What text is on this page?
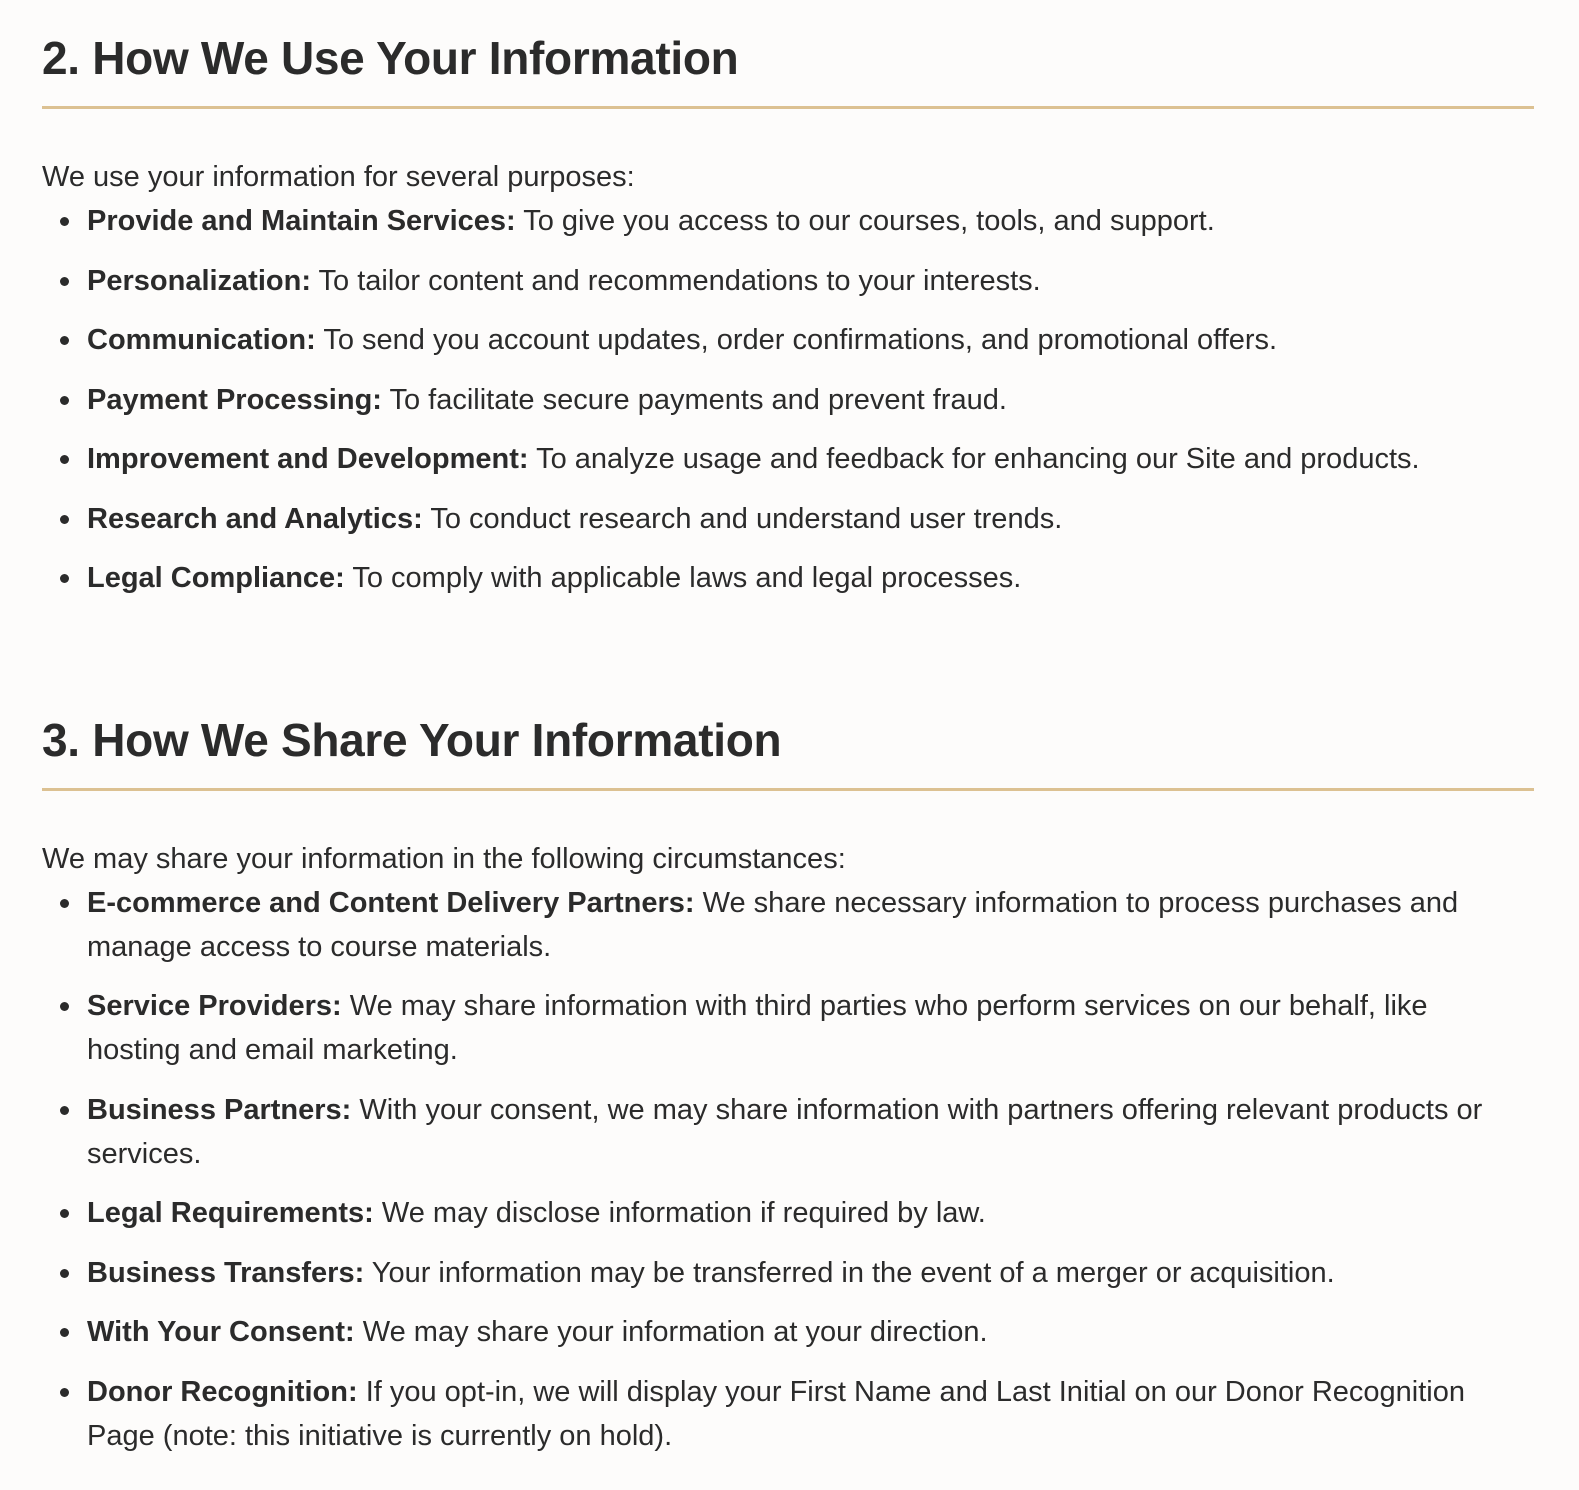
2. How We Use Your Information

We use your information for several purposes:

Provide and Maintain Services: To give you access to our courses, tools, and support.
Personalization: To tailor content and recommendations to your interests.
Communication: To send you account updates, order confirmations, and promotional offers.
Payment Processing: To facilitate secure payments and prevent fraud.
Improvement and Development: To analyze usage and feedback for enhancing our Site and products.
Research and Analytics: To conduct research and understand user trends.
Legal Compliance: To comply with applicable laws and legal processes.
3. How We Share Your Information

We may share your information in the following circumstances:

E-commerce and Content Delivery Partners: We share necessary information to process purchases and manage access to course materials.
Service Providers: We may share information with third parties who perform services on our behalf, like hosting and email marketing.
Business Partners: With your consent, we may share information with partners offering relevant products or services.
Legal Requirements: We may disclose information if required by law.
Business Transfers: Your information may be transferred in the event of a merger or acquisition.
With Your Consent: We may share your information at your direction.
Donor Recognition: If you opt-in, we will display your First Name and Last Initial on our Donor Recognition Page (note: this initiative is currently on hold).
